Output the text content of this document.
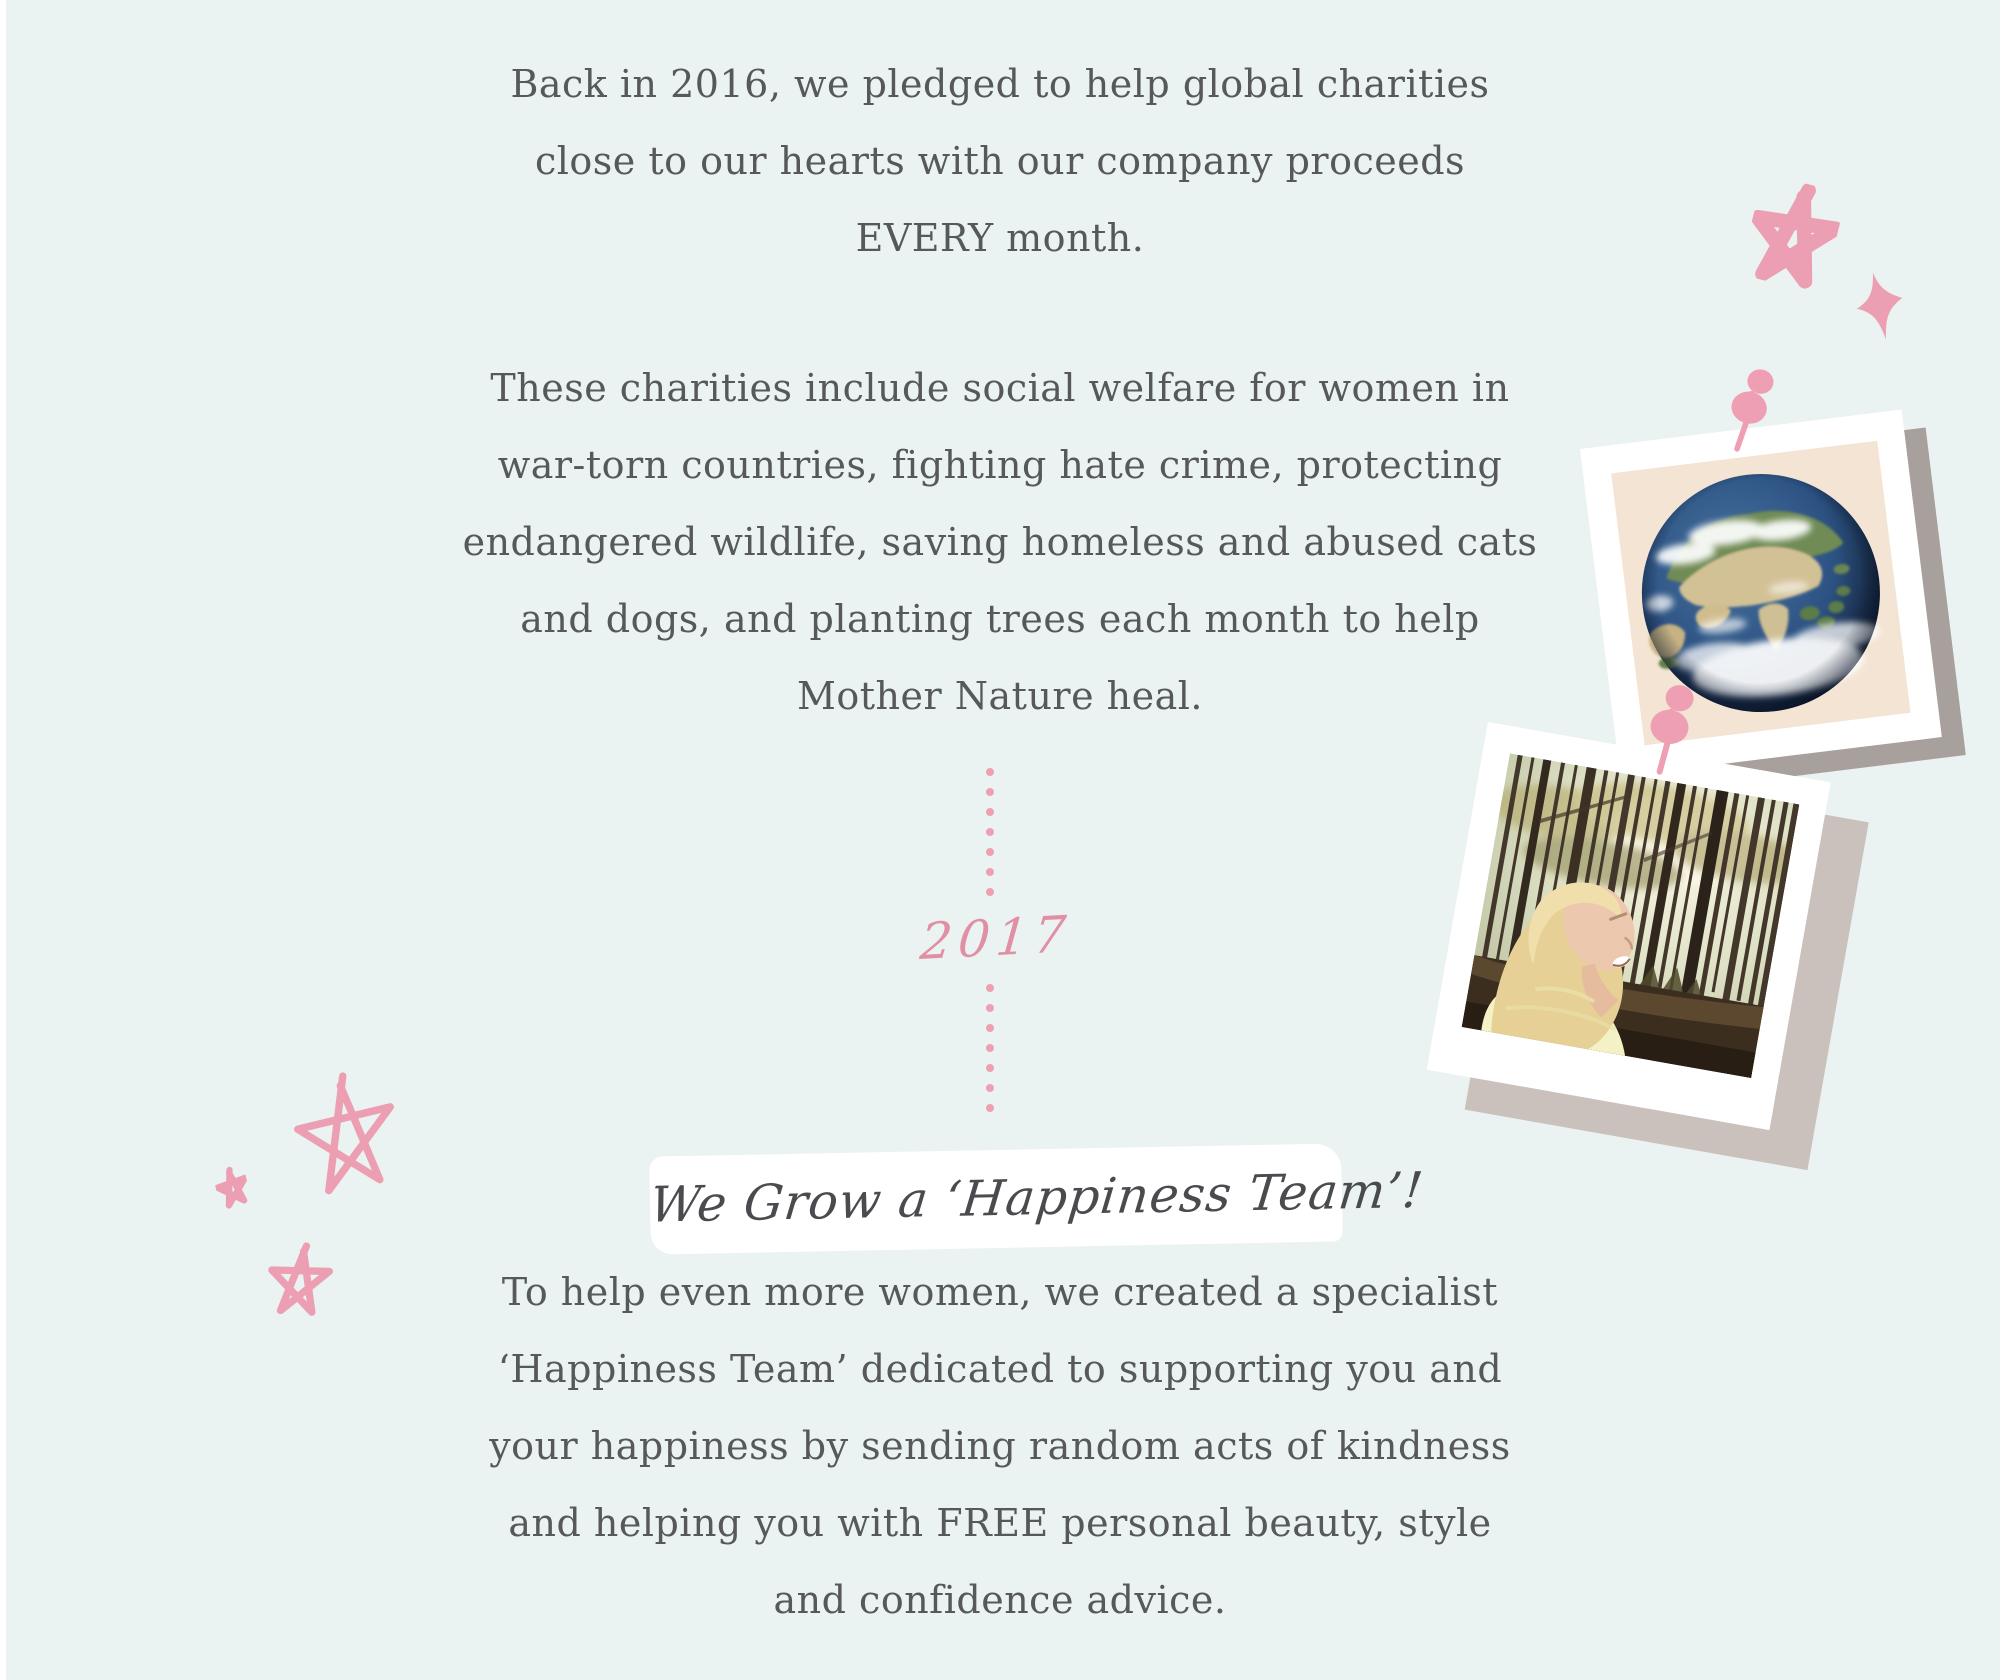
Back in 2016, we pledged to help global charities
close to our hearts with our company proceeds
EVERY month.
These charities include social welfare for women in
war-torn countries, fighting hate crime, protecting
endangered wildlife, saving homeless and abused cats
and dogs, and planting trees each month to help
Mother Nature heal.
2017
We Grow a ‘Happiness Team’!
To help even more women, we created a specialist
‘Happiness Team’ dedicated to supporting you and
your happiness by sending random acts of kindness
and helping you with FREE personal beauty, style
and confidence advice.
